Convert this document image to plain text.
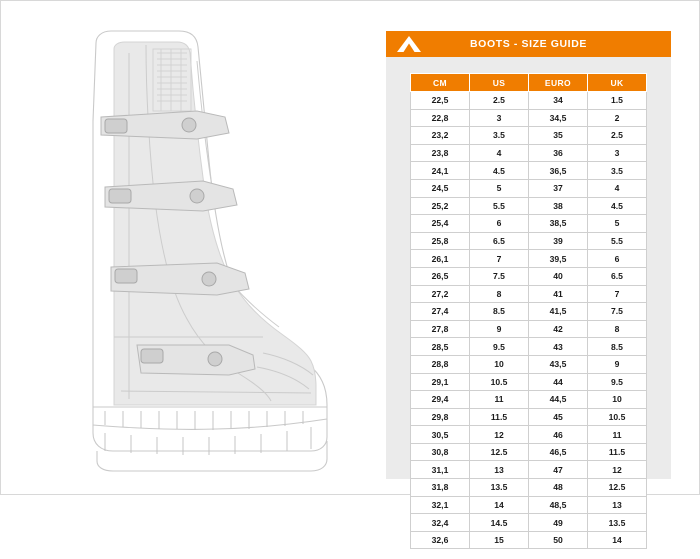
BOOTS - SIZE GUIDE
CM	US	EURO	UK
22,5	2.5	34	1.5
22,8	3	34,5	2
23,2	3.5	35	2.5
23,8	4	36	3
24,1	4.5	36,5	3.5
24,5	5	37	4
25,2	5.5	38	4.5
25,4	6	38,5	5
25,8	6.5	39	5.5
26,1	7	39,5	6
26,5	7.5	40	6.5
27,2	8	41	7
27,4	8.5	41,5	7.5
27,8	9	42	8
28,5	9.5	43	8.5
28,8	10	43,5	9
29,1	10.5	44	9.5
29,4	11	44,5	10
29,8	11.5	45	10.5
30,5	12	46	11
30,8	12.5	46,5	11.5
31,1	13	47	12
31,8	13.5	48	12.5
32,1	14	48,5	13
32,4	14.5	49	13.5
32,6	15	50	14
